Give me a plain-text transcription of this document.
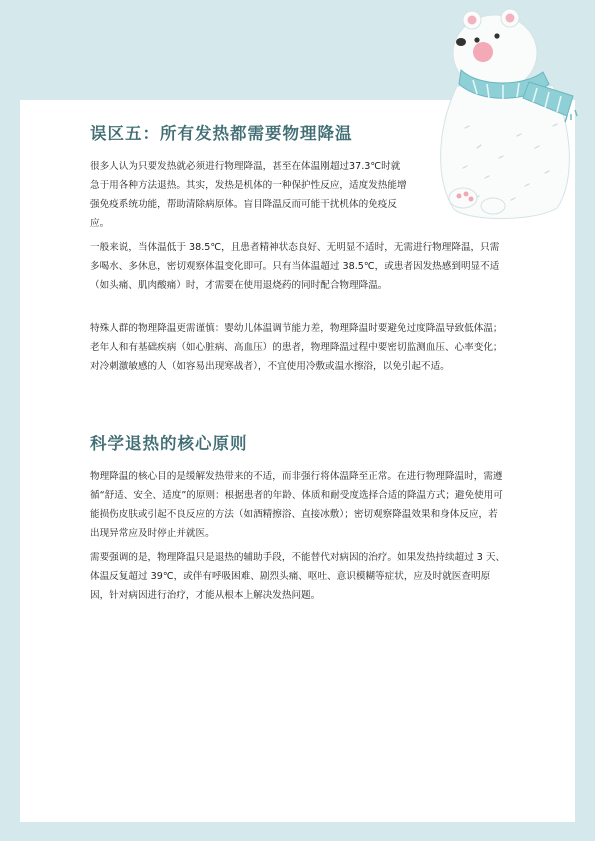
误区五：所有发热都需要物理降温

很多人认为只要发热就必须进行物理降温，甚至在体温刚超过37.3℃时就急于用各种方法退热。其实，发热是机体的一种保护性反应，适度发热能增强免疫系统功能，帮助清除病原体。盲目降温反而可能干扰机体的免疫反应。

一般来说，当体温低于 38.5℃，且患者精神状态良好、无明显不适时，无需进行物理降温，只需多喝水、多休息，密切观察体温变化即可。只有当体温超过 38.5℃，或患者因发热感到明显不适（如头痛、肌肉酸痛）时，才需要在使用退烧药的同时配合物理降温。

特殊人群的物理降温更需谨慎：婴幼儿体温调节能力差，物理降温时要避免过度降温导致低体温；老年人和有基础疾病（如心脏病、高血压）的患者，物理降温过程中要密切监测血压、心率变化；对冷刺激敏感的人（如容易出现寒战者），不宜使用冷敷或温水擦浴，以免引起不适。

科学退热的核心原则

物理降温的核心目的是缓解发热带来的不适，而非强行将体温降至正常。在进行物理降温时，需遵循“舒适、安全、适度”的原则：根据患者的年龄、体质和耐受度选择合适的降温方式；避免使用可能损伤皮肤或引起不良反应的方法（如酒精擦浴、直接冰敷）；密切观察降温效果和身体反应，若出现异常应及时停止并就医。

需要强调的是，物理降温只是退热的辅助手段，不能替代对病因的治疗。如果发热持续超过 3 天、体温反复超过 39℃，或伴有呼吸困难、剧烈头痛、呕吐、意识模糊等症状，应及时就医查明原因，针对病因进行治疗，才能从根本上解决发热问题。
